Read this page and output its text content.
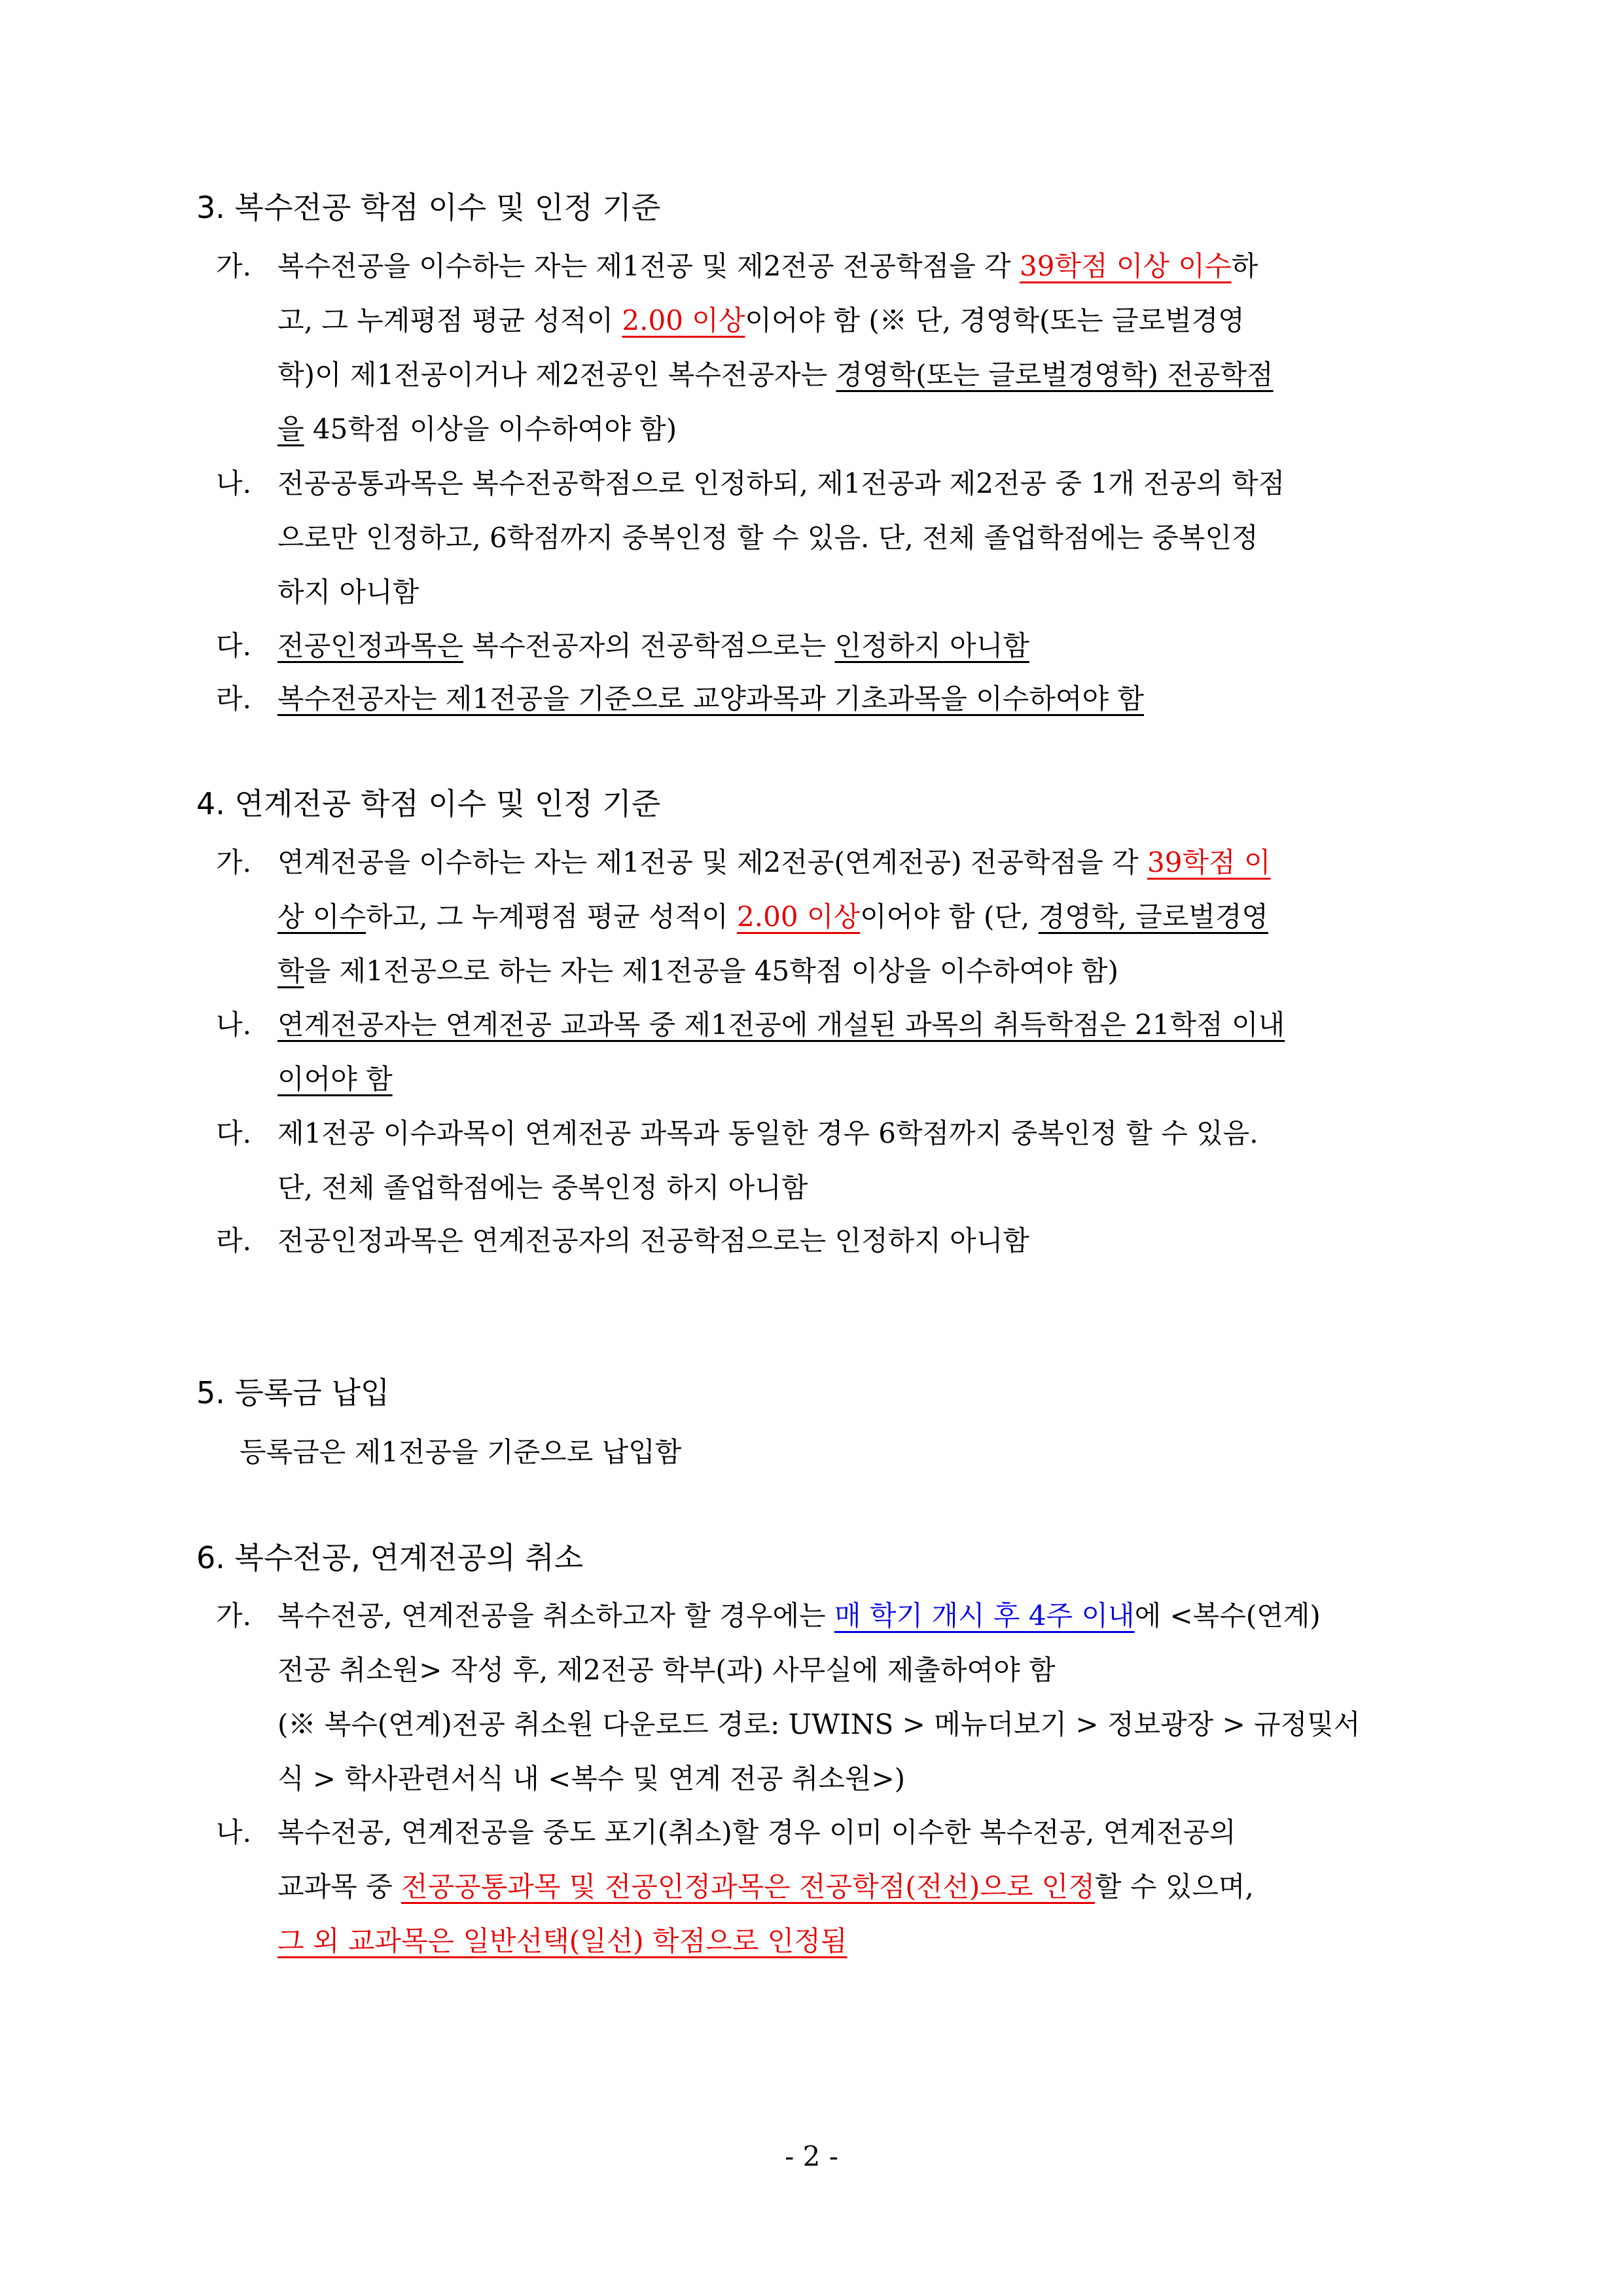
3. 복수전공 학점 이수 및 인정 기준
가. 복수전공을 이수하는 자는 제1전공 및 제2전공 전공학점을 각 39학점 이상 이수하
고, 그 누계평점 평균 성적이 2.00 이상이어야 함 (※ 단, 경영학(또는 글로벌경영
학)이 제1전공이거나 제2전공인 복수전공자는 경영학(또는 글로벌경영학) 전공학점
을 45학점 이상을 이수하여야 함)
나. 전공공통과목은 복수전공학점으로 인정하되, 제1전공과 제2전공 중 1개 전공의 학점
으로만 인정하고, 6학점까지 중복인정 할 수 있음. 단, 전체 졸업학점에는 중복인정
하지 아니함
다. 전공인정과목은 복수전공자의 전공학점으로는 인정하지 아니함
라. 복수전공자는 제1전공을 기준으로 교양과목과 기초과목을 이수하여야 함
4. 연계전공 학점 이수 및 인정 기준
가. 연계전공을 이수하는 자는 제1전공 및 제2전공(연계전공) 전공학점을 각 39학점 이
상 이수하고, 그 누계평점 평균 성적이 2.00 이상이어야 함 (단, 경영학, 글로벌경영
학을 제1전공으로 하는 자는 제1전공을 45학점 이상을 이수하여야 함)
나. 연계전공자는 연계전공 교과목 중 제1전공에 개설된 과목의 취득학점은 21학점 이내
이어야 함
다. 제1전공 이수과목이 연계전공 과목과 동일한 경우 6학점까지 중복인정 할 수 있음.
단, 전체 졸업학점에는 중복인정 하지 아니함
라. 전공인정과목은 연계전공자의 전공학점으로는 인정하지 아니함
5. 등록금 납입
등록금은 제1전공을 기준으로 납입함
6. 복수전공, 연계전공의 취소
가. 복수전공, 연계전공을 취소하고자 할 경우에는 매 학기 개시 후 4주 이내에 <복수(연계)
전공 취소원> 작성 후, 제2전공 학부(과) 사무실에 제출하여야 함
(※ 복수(연계)전공 취소원 다운로드 경로: UWINS > 메뉴더보기 > 정보광장 > 규정및서
식 > 학사관련서식 내 <복수 및 연계 전공 취소원>)
나. 복수전공, 연계전공을 중도 포기(취소)할 경우 이미 이수한 복수전공, 연계전공의
교과목 중 전공공통과목 및 전공인정과목은 전공학점(전선)으로 인정할 수 있으며,
그 외 교과목은 일반선택(일선) 학점으로 인정됨
- 2 -
